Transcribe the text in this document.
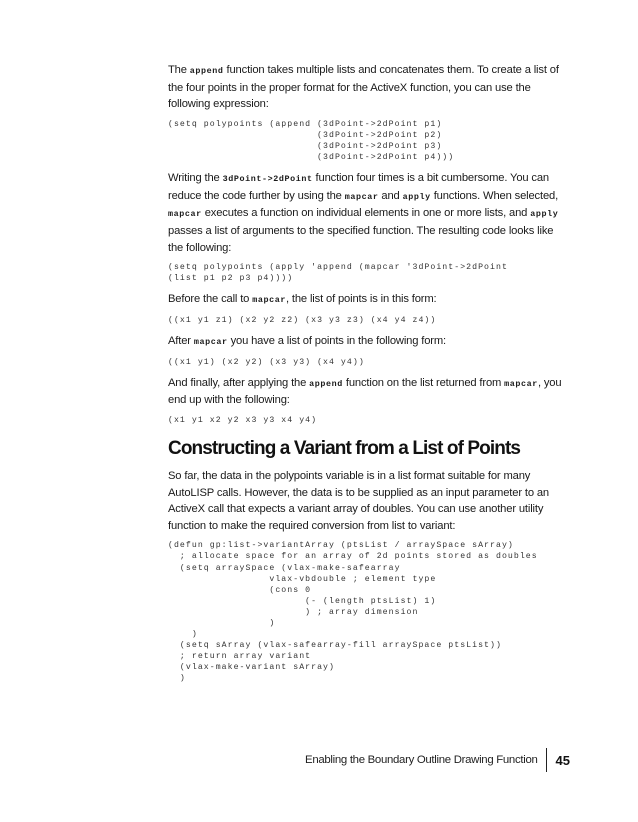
The append function takes multiple lists and concatenates them. To create a list of the four points in the proper format for the ActiveX function, you can use the following expression:

(setq polypoints (append (3dPoint->2dPoint p1)
(3dPoint->2dPoint p2)
(3dPoint->2dPoint p3)
(3dPoint->2dPoint p4)))

Writing the 3dPoint->2dPoint function four times is a bit cumbersome. You can reduce the code further by using the mapcar and apply functions. When selected, mapcar executes a function on individual elements in one or more lists, and apply passes a list of arguments to the specified function. The resulting code looks like the following:

(setq polypoints (apply 'append (mapcar '3dPoint->2dPoint
(list p1 p2 p3 p4))))

Before the call to mapcar, the list of points is in this form:

((x1 y1 z1) (x2 y2 z2) (x3 y3 z3) (x4 y4 z4))

After mapcar you have a list of points in the following form:

((x1 y1) (x2 y2) (x3 y3) (x4 y4))

And finally, after applying the append function on the list returned from mapcar, you end up with the following:

(x1 y1 x2 y2 x3 y3 x4 y4)
Constructing a Variant from a List of Points

So far, the data in the polypoints variable is in a list format suitable for many AutoLISP calls. However, the data is to be supplied as an input parameter to an ActiveX call that expects a variant array of doubles. You can use another utility function to make the required conversion from list to variant:

(defun gp:list->variantArray (ptsList / arraySpace sArray)
; allocate space for an array of 2d points stored as doubles
(setq arraySpace (vlax-make-safearray
vlax-vbdouble ; element type
(cons 0
(- (length ptsList) 1)
) ; array dimension
)
)
(setq sArray (vlax-safearray-fill arraySpace ptsList))
; return array variant
(vlax-make-variant sArray)
)
Enabling the Boundary Outline Drawing Function 45
